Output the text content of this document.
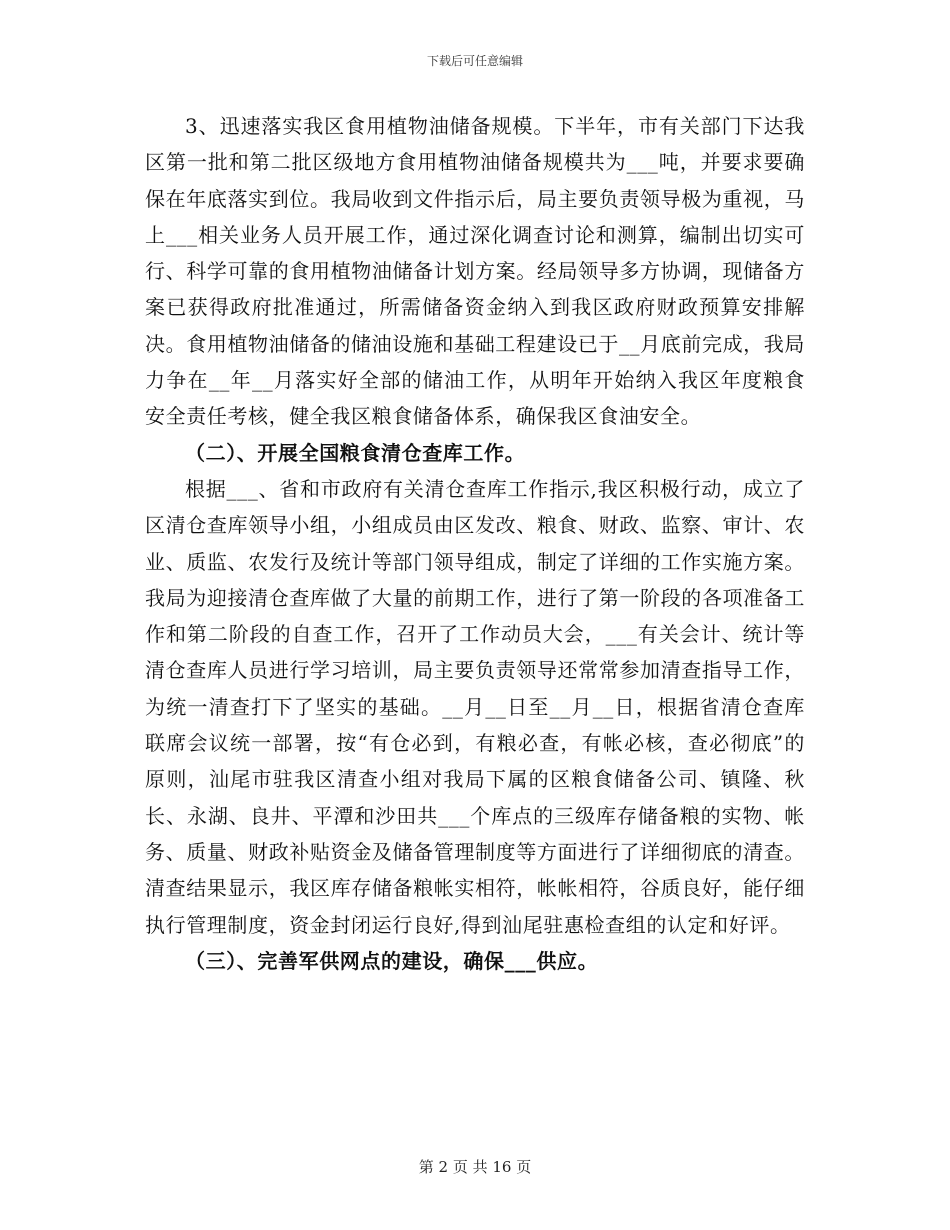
下载后可任意编辑

3、迅速落实我区食用植物油储备规模。下半年，市有关部门下达我区第一批和第二批区级地方食用植物油储备规模共为___吨，并要求要确保在年底落实到位。我局收到文件指示后，局主要负责领导极为重视，马上___相关业务人员开展工作，通过深化调查讨论和测算，编制出切实可行、科学可靠的食用植物油储备计划方案。经局领导多方协调，现储备方案已获得政府批准通过，所需储备资金纳入到我区政府财政预算安排解决。食用植物油储备的储油设施和基础工程建设已于__月底前完成，我局力争在__年__月落实好全部的储油工作，从明年开始纳入我区年度粮食安全责任考核，健全我区粮食储备体系，确保我区食油安全。

（二）、开展全国粮食清仓查库工作。

根据___、省和市政府有关清仓查库工作指示,我区积极行动，成立了区清仓查库领导小组，小组成员由区发改、粮食、财政、监察、审计、农业、质监、农发行及统计等部门领导组成，制定了详细的工作实施方案。我局为迎接清仓查库做了大量的前期工作，进行了第一阶段的各项准备工作和第二阶段的自查工作，召开了工作动员大会，___有关会计、统计等清仓查库人员进行学习培训，局主要负责领导还常常参加清查指导工作，为统一清查打下了坚实的基础。__月__日至__月__日，根据省清仓查库联席会议统一部署，按“有仓必到，有粮必查，有帐必核，查必彻底”的原则，汕尾市驻我区清查小组对我局下属的区粮食储备公司、镇隆、秋长、永湖、良井、平潭和沙田共___个库点的三级库存储备粮的实物、帐务、质量、财政补贴资金及储备管理制度等方面进行了详细彻底的清查。清查结果显示，我区库存储备粮帐实相符，帐帐相符，谷质良好，能仔细执行管理制度，资金封闭运行良好,得到汕尾驻惠检查组的认定和好评。

（三）、完善军供网点的建设，确保___供应。

第 2 页 共 16 页
